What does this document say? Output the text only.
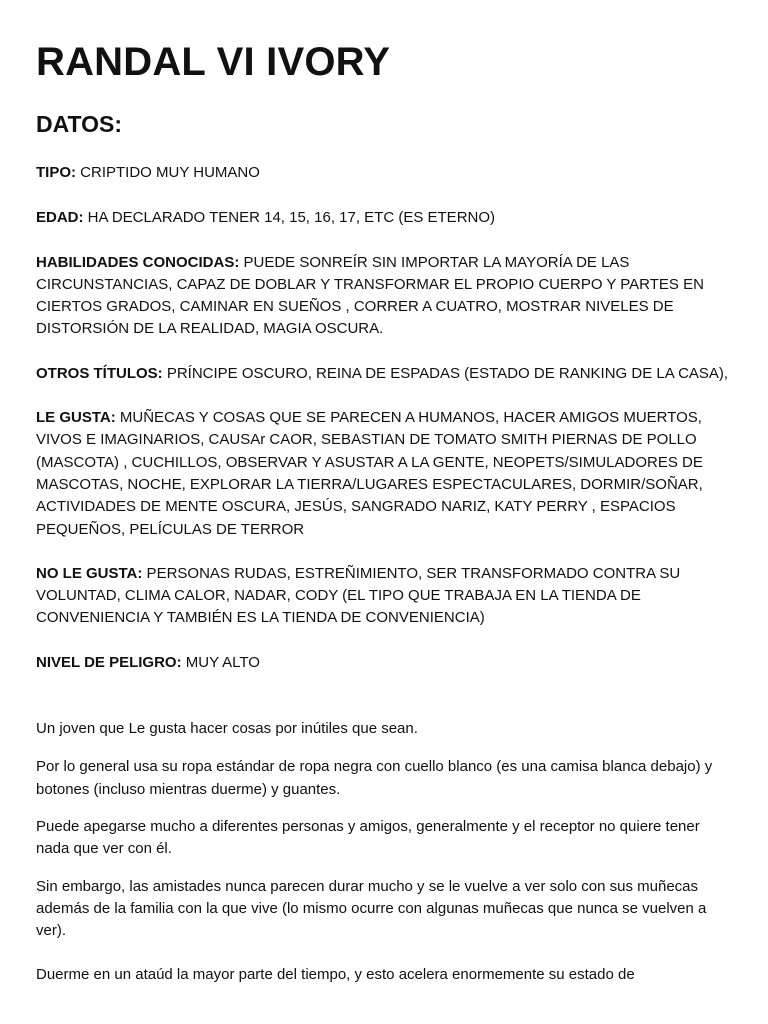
RANDAL VI IVORY
DATOS:

TIPO: CRIPTIDO MUY HUMANO

EDAD: HA DECLARADO TENER 14, 15, 16, 17, ETC (ES ETERNO)

HABILIDADES CONOCIDAS: PUEDE SONREÍR SIN IMPORTAR LA MAYORÍA DE LAS CIRCUNSTANCIAS, CAPAZ DE DOBLAR Y TRANSFORMAR EL PROPIO CUERPO Y PARTES EN CIERTOS GRADOS, CAMINAR EN SUEÑOS , CORRER A CUATRO, MOSTRAR NIVELES DE DISTORSIÓN DE LA REALIDAD, MAGIA OSCURA.

OTROS TÍTULOS: PRÍNCIPE OSCURO, REINA DE ESPADAS (ESTADO DE RANKING DE LA CASA),

LE GUSTA: MUÑECAS Y COSAS QUE SE PARECEN A HUMANOS, HACER AMIGOS MUERTOS, VIVOS E IMAGINARIOS, CAUSAr CAOR, SEBASTIAN DE TOMATO SMITH PIERNAS DE POLLO (MASCOTA) , CUCHILLOS, OBSERVAR Y ASUSTAR A LA GENTE, NEOPETS/SIMULADORES DE MASCOTAS, NOCHE, EXPLORAR LA TIERRA/LUGARES ESPECTACULARES, DORMIR/SOÑAR, ACTIVIDADES DE MENTE OSCURA, JESÚS, SANGRADO NARIZ, KATY PERRY , ESPACIOS PEQUEÑOS, PELÍCULAS DE TERROR

NO LE GUSTA: PERSONAS RUDAS, ESTREÑIMIENTO, SER TRANSFORMADO CONTRA SU VOLUNTAD, CLIMA CALOR, NADAR, CODY (EL TIPO QUE TRABAJA EN LA TIENDA DE CONVENIENCIA Y TAMBIÉN ES LA TIENDA DE CONVENIENCIA)

NIVEL DE PELIGRO: MUY ALTO

Un joven que Le gusta hacer cosas por inútiles que sean.

Por lo general usa su ropa estándar de ropa negra con cuello blanco (es una camisa blanca debajo) y botones (incluso mientras duerme) y guantes.

Puede apegarse mucho a diferentes personas y amigos, generalmente y el receptor no quiere tener nada que ver con él.

Sin embargo, las amistades nunca parecen durar mucho y se le vuelve a ver solo con sus muñecas además de la familia con la que vive (lo mismo ocurre con algunas muñecas que nunca se vuelven a ver).

Duerme en un ataúd la mayor parte del tiempo, y esto acelera enormemente su estado de
